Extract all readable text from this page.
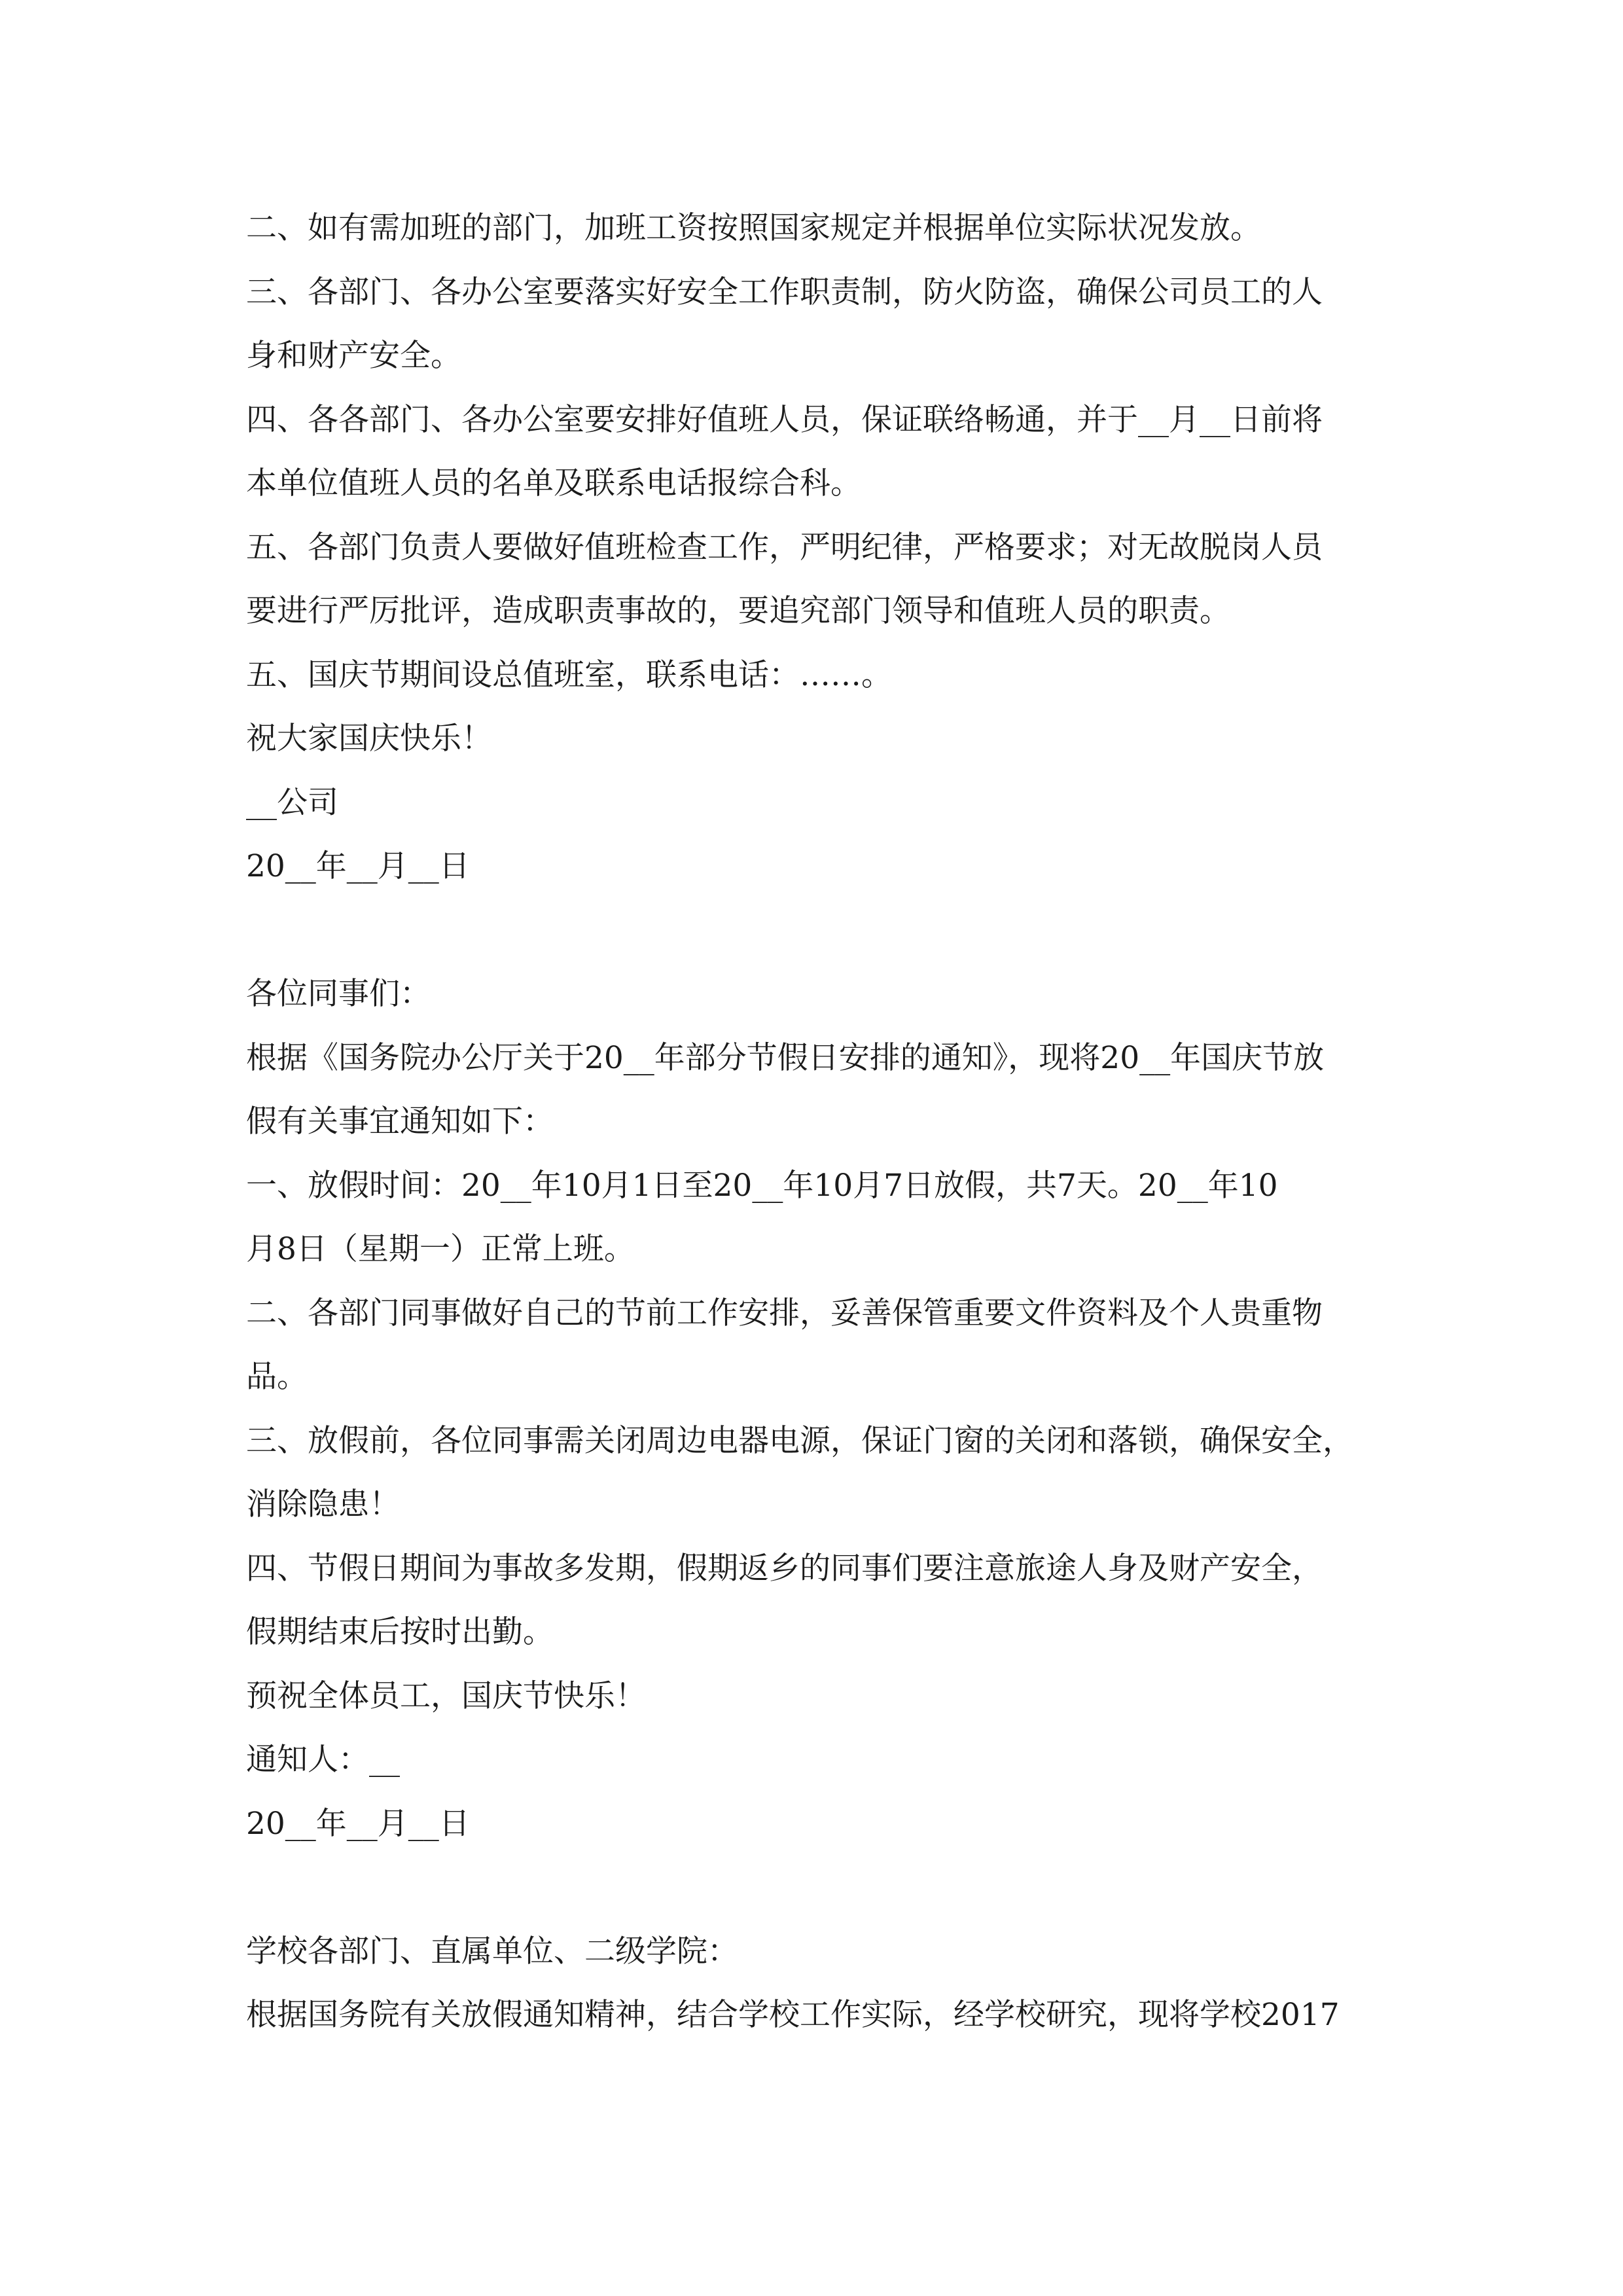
二、如有需加班的部门，加班工资按照国家规定并根据单位实际状况发放。
三、各部门、各办公室要落实好安全工作职责制，防火防盗，确保公司员工的人
身和财产安全。
四、各各部门、各办公室要安排好值班人员，保证联络畅通，并于__月__日前将
本单位值班人员的名单及联系电话报综合科。
五、各部门负责人要做好值班检查工作，严明纪律，严格要求；对无故脱岗人员
要进行严厉批评，造成职责事故的，要追究部门领导和值班人员的职责。
五、国庆节期间设总值班室，联系电话：……。
祝大家国庆快乐！
__公司
20__年__月__日
各位同事们：
根据《国务院办公厅关于20__年部分节假日安排的通知》，现将20__年国庆节放
假有关事宜通知如下：
一、放假时间：20__年10月1日至20__年10月7日放假，共7天。20__年10
月8日（星期一）正常上班。
二、各部门同事做好自己的节前工作安排，妥善保管重要文件资料及个人贵重物
品。
三、放假前，各位同事需关闭周边电器电源，保证门窗的关闭和落锁，确保安全，
消除隐患！
四、节假日期间为事故多发期，假期返乡的同事们要注意旅途人身及财产安全，
假期结束后按时出勤。
预祝全体员工，国庆节快乐！
通知人：__
20__年__月__日
学校各部门、直属单位、二级学院：
根据国务院有关放假通知精神，结合学校工作实际，经学校研究，现将学校2017
